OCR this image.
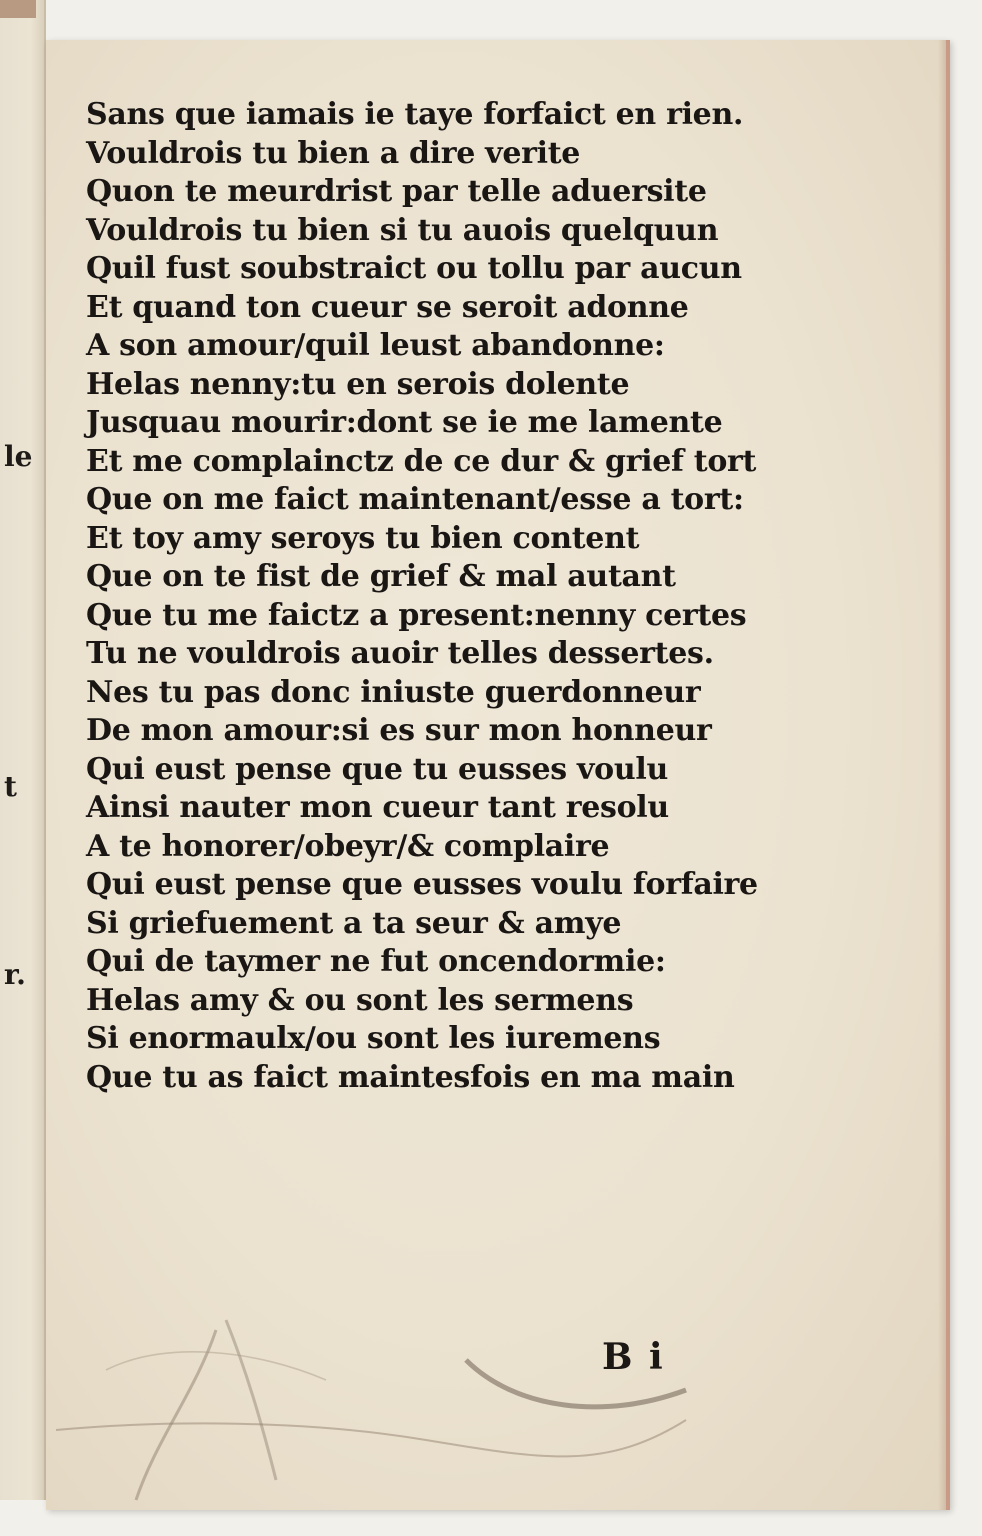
le
t
r.
Sans que iamais ie taye forfaict en rien.
Vouldrois tu bien a dire verite
Quon te meurdrist par telle aduersite
Vouldrois tu bien si tu auois quelquun
Quil fust soubstraict ou tollu par aucun
Et quand ton cueur se seroit adonne
A son amour/quil leust abandonne:
Helas nenny:tu en serois dolente
Jusquau mourir:dont se ie me lamente
Et me complainctz de ce dur & grief tort
Que on me faict maintenant/esse a tort:
Et toy amy seroys tu bien content
Que on te fist de grief & mal autant
Que tu me faictz a present:nenny certes
Tu ne vouldrois auoir telles dessertes.
Nes tu pas donc iniuste guerdonneur
De mon amour:si es sur mon honneur
Qui eust pense que tu eusses voulu
Ainsi nauter mon cueur tant resolu
A te honorer/obeyr/& complaire
Qui eust pense que eusses voulu forfaire
Si griefuement a ta seur & amye
Qui de taymer ne fut oncendormie:
Helas amy & ou sont les sermens
Si enormaulx/ou sont les iuremens
Que tu as faict maintesfois en ma main
B i
